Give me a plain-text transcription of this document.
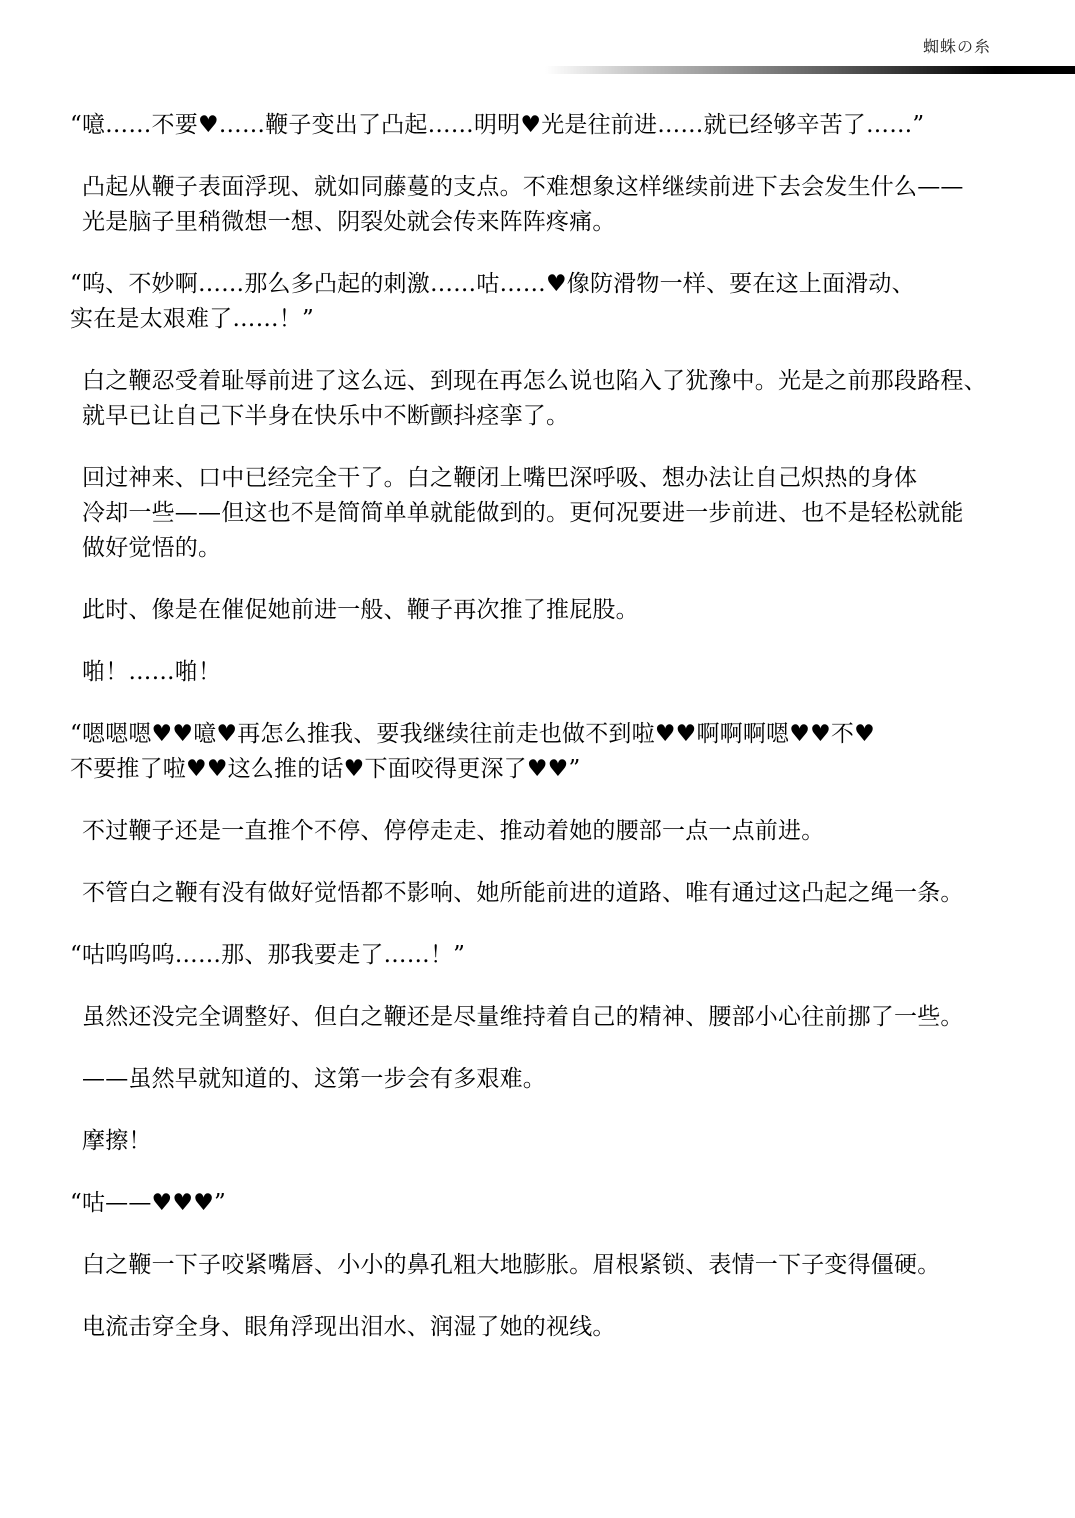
蜘蛛の糸

“噫……不要♥……鞭子变出了凸起……明明♥光是往前进……就已经够辛苦了……”

凸起从鞭子表面浮现、就如同藤蔓的支点。不难想象这样继续前进下去会发生什么——
光是脑子里稍微想一想、阴裂处就会传来阵阵疼痛。

“呜、不妙啊……那么多凸起的刺激……咕……♥像防滑物一样、要在这上面滑动、
实在是太艰难了……！”

白之鞭忍受着耻辱前进了这么远、到现在再怎么说也陷入了犹豫中。光是之前那段路程、
就早已让自己下半身在快乐中不断颤抖痉挛了。

回过神来、口中已经完全干了。白之鞭闭上嘴巴深呼吸、想办法让自己炽热的身体
冷却一些——但这也不是简简单单就能做到的。更何况要进一步前进、也不是轻松就能
做好觉悟的。

此时、像是在催促她前进一般、鞭子再次推了推屁股。

啪！……啪！

“嗯嗯嗯♥♥噫♥再怎么推我、要我继续往前走也做不到啦♥♥啊啊啊嗯♥♥不♥
不要推了啦♥♥这么推的话♥下面咬得更深了♥♥”

不过鞭子还是一直推个不停、停停走走、推动着她的腰部一点一点前进。

不管白之鞭有没有做好觉悟都不影响、她所能前进的道路、唯有通过这凸起之绳一条。

“咕呜呜呜……那、那我要走了……！”

虽然还没完全调整好、但白之鞭还是尽量维持着自己的精神、腰部小心往前挪了一些。

——虽然早就知道的、这第一步会有多艰难。

摩擦！

“咕——♥♥♥”

白之鞭一下子咬紧嘴唇、小小的鼻孔粗大地膨胀。眉根紧锁、表情一下子变得僵硬。

电流击穿全身、眼角浮现出泪水、润湿了她的视线。
